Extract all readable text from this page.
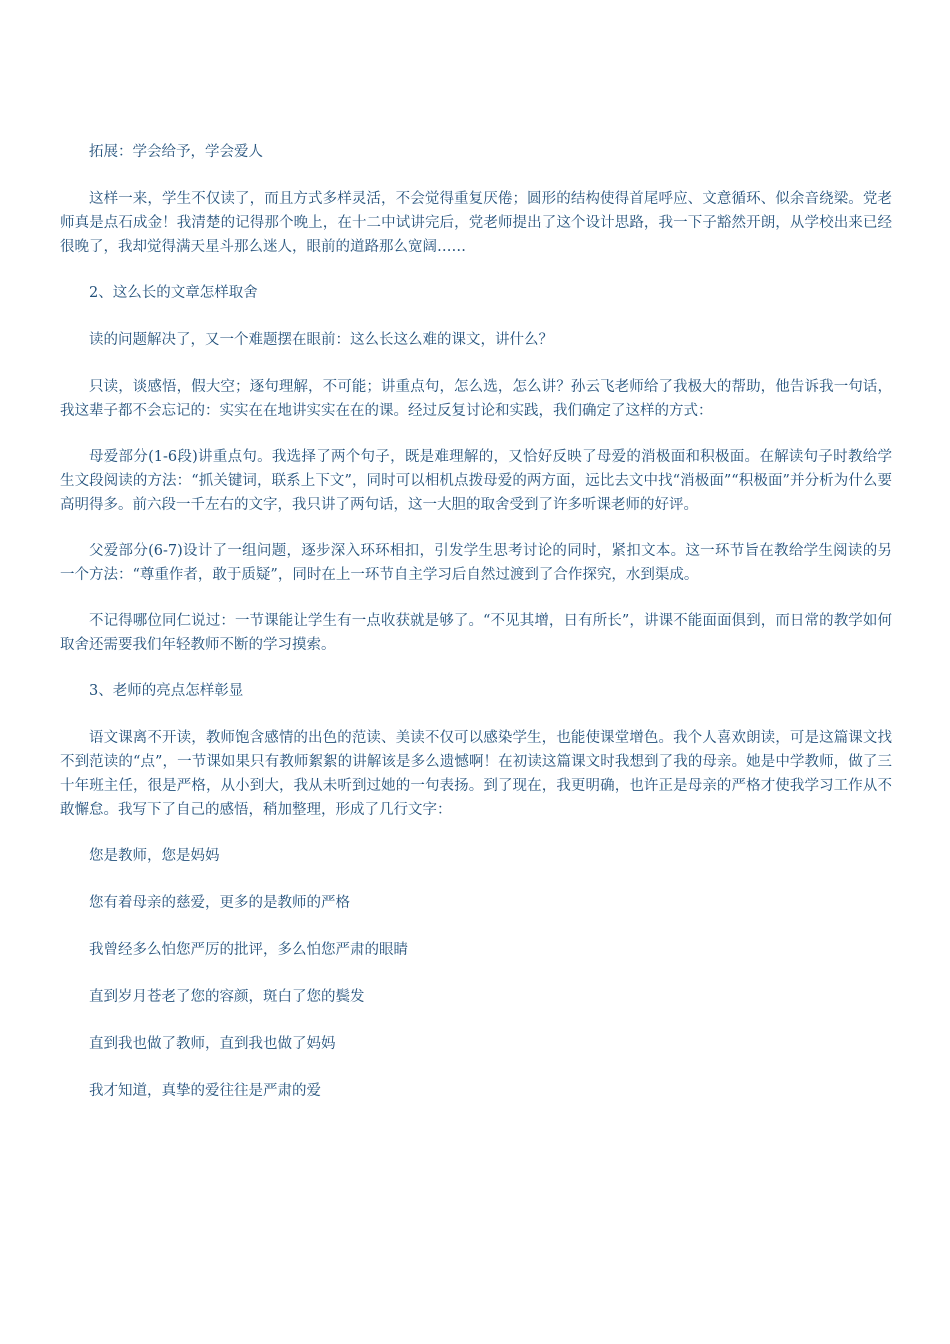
拓展：学会给予，学会爱人

这样一来，学生不仅读了，而且方式多样灵活，不会觉得重复厌倦；圆形的结构使得首尾呼应、文意循环、似余音绕梁。党老师真是点石成金！我清楚的记得那个晚上，在十二中试讲完后，党老师提出了这个设计思路，我一下子豁然开朗，从学校出来已经很晚了，我却觉得满天星斗那么迷人，眼前的道路那么宽阔……

2、这么长的文章怎样取舍

读的问题解决了，又一个难题摆在眼前：这么长这么难的课文，讲什么？

只读，谈感悟，假大空；逐句理解，不可能；讲重点句，怎么选，怎么讲？孙云飞老师给了我极大的帮助，他告诉我一句话，我这辈子都不会忘记的：实实在在地讲实实在在的课。经过反复讨论和实践，我们确定了这样的方式：

母爱部分(1-6段)讲重点句。我选择了两个句子，既是难理解的，又恰好反映了母爱的消极面和积极面。在解读句子时教给学生文段阅读的方法：“抓关键词，联系上下文”，同时可以相机点拨母爱的两方面，远比去文中找“消极面”“积极面”并分析为什么要高明得多。前六段一千左右的文字，我只讲了两句话，这一大胆的取舍受到了许多听课老师的好评。

父爱部分(6-7)设计了一组问题，逐步深入环环相扣，引发学生思考讨论的同时，紧扣文本。这一环节旨在教给学生阅读的另一个方法：“尊重作者，敢于质疑”，同时在上一环节自主学习后自然过渡到了合作探究，水到渠成。

不记得哪位同仁说过：一节课能让学生有一点收获就是够了。“不见其增，日有所长”，讲课不能面面俱到，而日常的教学如何取舍还需要我们年轻教师不断的学习摸索。

3、老师的亮点怎样彰显

语文课离不开读，教师饱含感情的出色的范读、美读不仅可以感染学生，也能使课堂增色。我个人喜欢朗读，可是这篇课文找不到范读的“点”，一节课如果只有教师絮絮的讲解该是多么遗憾啊！在初读这篇课文时我想到了我的母亲。她是中学教师，做了三十年班主任，很是严格，从小到大，我从未听到过她的一句表扬。到了现在，我更明确，也许正是母亲的严格才使我学习工作从不敢懈怠。我写下了自己的感悟，稍加整理，形成了几行文字：

您是教师，您是妈妈

您有着母亲的慈爱，更多的是教师的严格

我曾经多么怕您严厉的批评，多么怕您严肃的眼睛

直到岁月苍老了您的容颜，斑白了您的鬓发

直到我也做了教师，直到我也做了妈妈

我才知道，真挚的爱往往是严肃的爱
